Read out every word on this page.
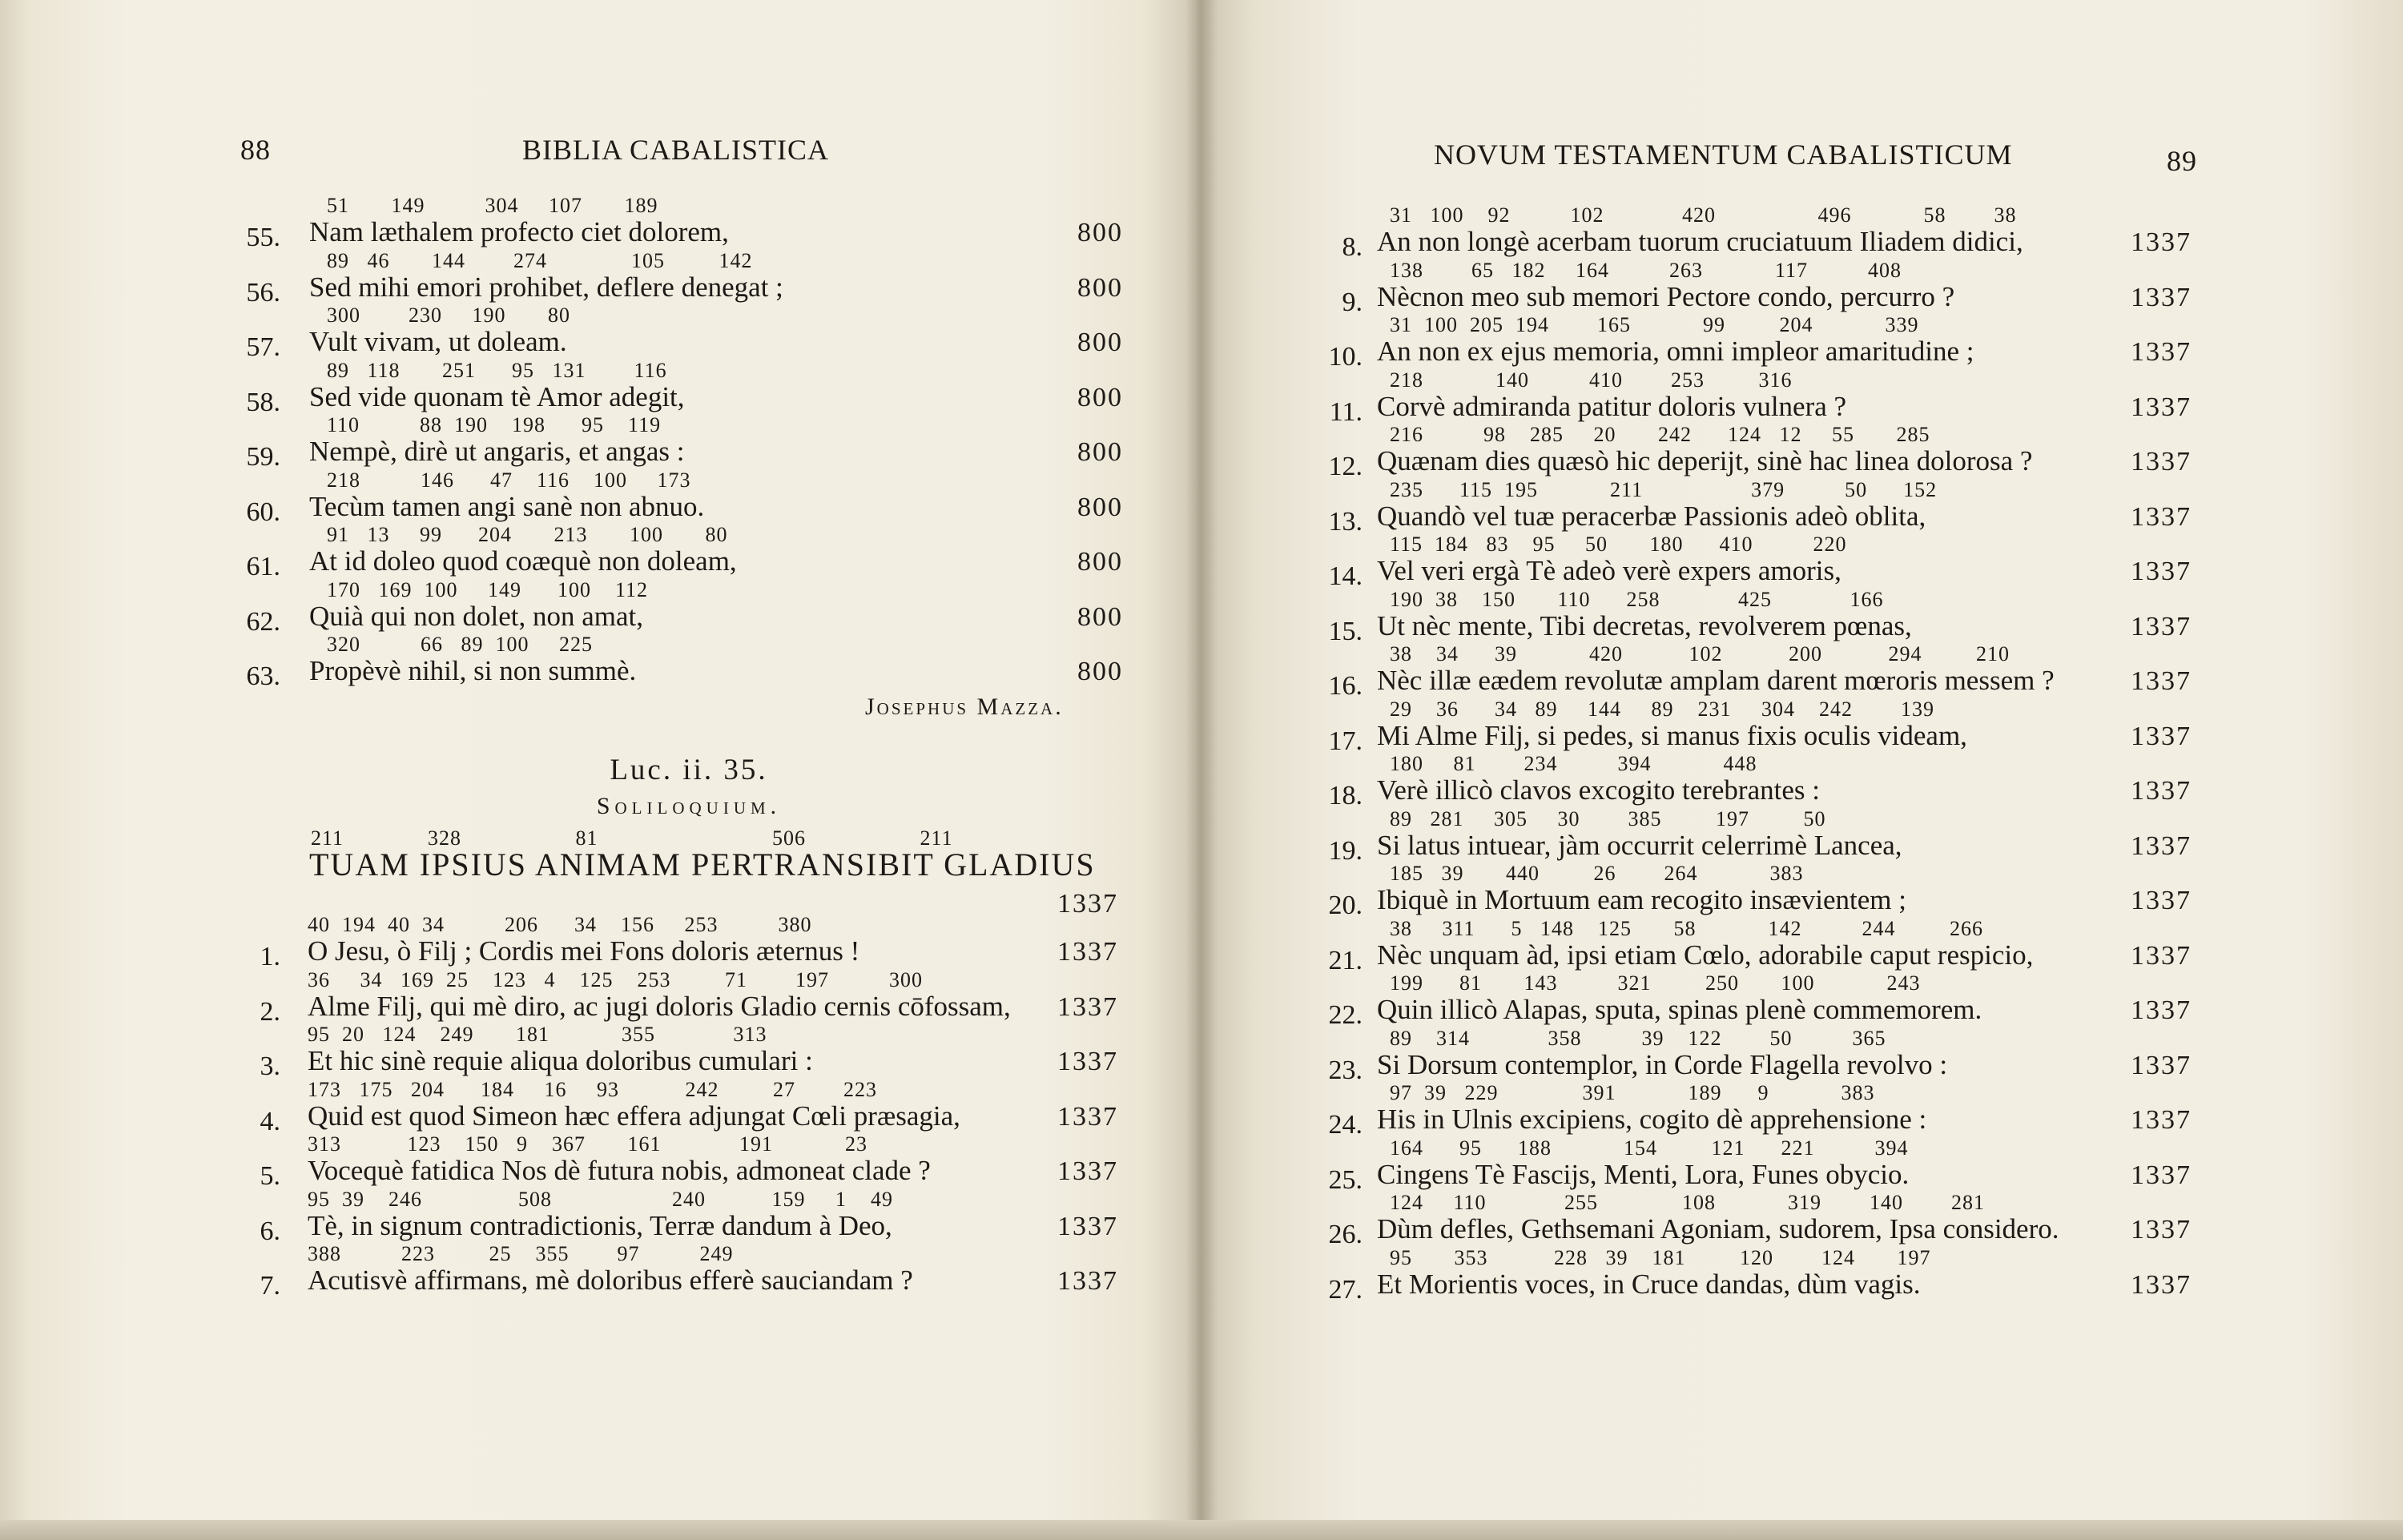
88	BIBLIA CABALISTICA
55.
51       149          304     107       189
Nam læthalem profecto ciet dolorem,	800
56.
89   46       144        274              105         142
Sed mihi emori prohibet, deflere denegat ;	800
57.
300        230     190       80
Vult vivam, ut doleam.	800
58.
89   118       251      95   131        116
Sed vide quonam tè Amor adegit,	800
59.
110          88  190    198      95    119
Nempè, dirè ut angaris, et angas :	800
60.
218          146      47    116    100     173
Tecùm tamen angi sanè non abnuo.	800
61.
91   13     99      204       213       100       80
At id doleo quod coæquè non doleam,	800
62.
170   169  100     149      100    112
Quià qui non dolet, non amat,	800
63.
320          66   89  100     225
Propèvè nihil, si non summè.	800
Josephus Mazza.
Luc. ii. 35.
Soliloquium.
211              328                   81                             506                   211
TUAM IPSIUS ANIMAM PERTRANSIBIT GLADIUS
1337
1.
40  194  40  34          206      34    156     253          380
O Jesu, ò Filj ; Cordis mei Fons doloris æternus !	1337
2.
36     34   169  25    123   4    125    253         71        197          300
Alme Filj, qui mè diro, ac jugi doloris Gladio cernis cōfossam, 1337
3.
95  20   124    249       181            355             313
Et hic sinè requie aliqua doloribus cumulari :	1337
4.
173   175   204      184     16     93           242         27        223
Quid est quod Simeon hæc effera adjungat Cœli præsagia,	1337
5.
313           123    150   9    367       161             191            23
Vocequè fatidica Nos dè futura nobis, admoneat clade ?	1337
6.
95  39    246                508                    240           159     1    49
Tè, in signum contradictionis, Terræ dandum à Deo,	1337
7.
388          223         25    355        97          249
Acutisvè affirmans, mè doloribus efferè sauciandam ?	1337
NOVUM TESTAMENTUM CABALISTICUM	89
8.
31   100    92          102             420                 496            58        38
An non longè acerbam tuorum cruciatuum Iliadem didici,	1337
9.
138        65   182     164          263            117          408
Nècnon meo sub memori Pectore condo, percurro ?	1337
10.
31  100  205  194        165            99         204            339
An non ex ejus memoria, omni impleor amaritudine ;	1337
11.
218            140          410        253         316
Corvè admiranda patitur doloris vulnera ?	1337
12.
216          98    285     20       242      124   12     55       285
Quænam dies quæsò hic deperijt, sinè hac linea dolorosa ?	1337
13.
235      115  195            211                  379          50      152
Quandò vel tuæ peracerbæ Passionis adeò oblita,	1337
14.
115  184   83    95     50       180      410          220
Vel veri ergà Tè adeò verè expers amoris,	1337
15.
190  38    150       110      258             425             166
Ut nèc mente, Tibi decretas, revolverem pœnas,	1337
16.
38    34      39            420           102           200           294         210
Nèc illæ eædem revolutæ amplam darent mœroris messem ?	1337
17.
29    36      34   89     144     89    231     304    242        139
Mi Alme Filj, si pedes, si manus fixis oculis videam,	1337
18.
180     81        234          394            448
Verè illicò clavos excogito terebrantes :	1337
19.
89   281     305     30        385         197         50
Si latus intuear, jàm occurrit celerrimè Lancea,	1337
20.
185   39       440         26        264            383
Ibiquè in Mortuum eam recogito insævientem ;	1337
21.
38     311      5   148    125       58            142          244         266
Nèc unquam àd, ipsi etiam Cœlo, adorabile caput respicio,	1337
22.
199      81       143          321         250       100            243
Quin illicò Alapas, sputa, spinas plenè commemorem.	1337
23.
89    314             358          39    122        50          365
Si Dorsum contemplor, in Corde Flagella revolvo :	1337
24.
97  39   229              391            189      9            383
His in Ulnis excipiens, cogito dè apprehensione :	1337
25.
164      95      188            154         121      221          394
Cingens Tè Fascijs, Menti, Lora, Funes obycio.	1337
26.
124     110             255              108            319        140        281
Dùm defles, Gethsemani Agoniam, sudorem, Ipsa considero.	1337
27.
95       353           228   39    181         120        124       197
Et Morientis voces, in Cruce dandas, dùm vagis.	1337
